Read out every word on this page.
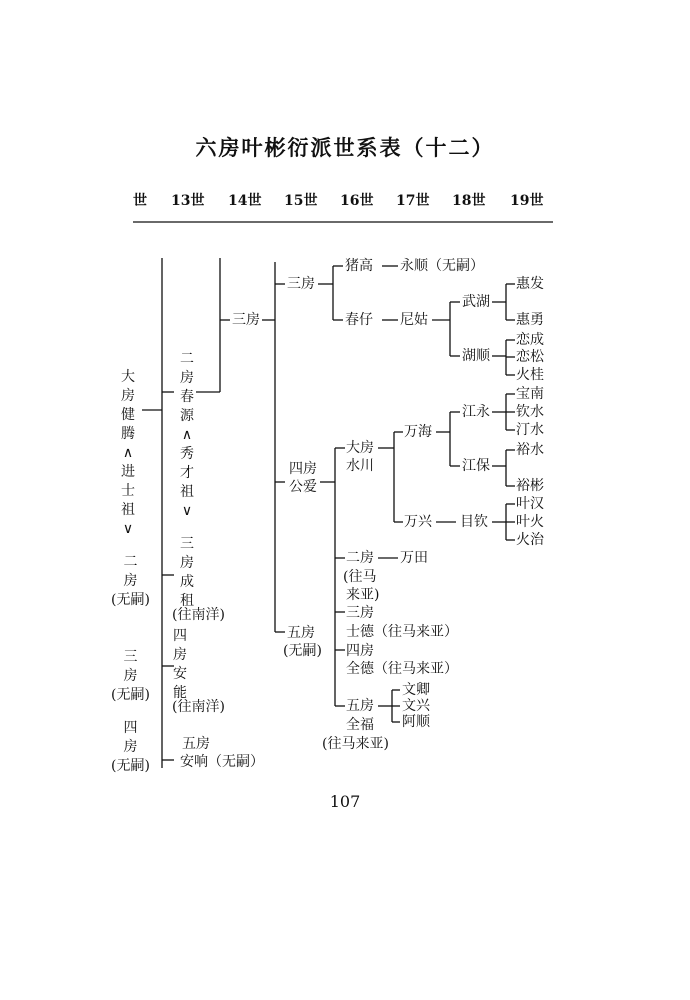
六房叶彬衍派世系表（十二）
世 13世 14世 15世 16世 17世 18世 19世
大
房
健
腾
∧
进
士
祖
∨
二
房
(无嗣)
三
房
(无嗣)
四
房
(无嗣)
二
房
春
源
∧
秀
才
祖
∨
三
房
成
租
(往南洋)
四
房
安
能
(往南洋)
五房
安响（无嗣）
三房
三房
四房
公爱
五房
(无嗣)
猪高
春仔
大房
水川
二房
(往马
来亚)
三房
士德（往马来亚）
四房
全德（往马来亚）
五房
全福
(往马来亚)
永顺（无嗣）
尼姑
万海
万兴
万田
文卿
文兴
阿顺
武湖
湖顺
江永
江保
目钦
惠发
惠勇
恋成
恋松
火桂
宝南
钦水
汀水
裕水
裕彬
叶汉
叶火
火治
107
